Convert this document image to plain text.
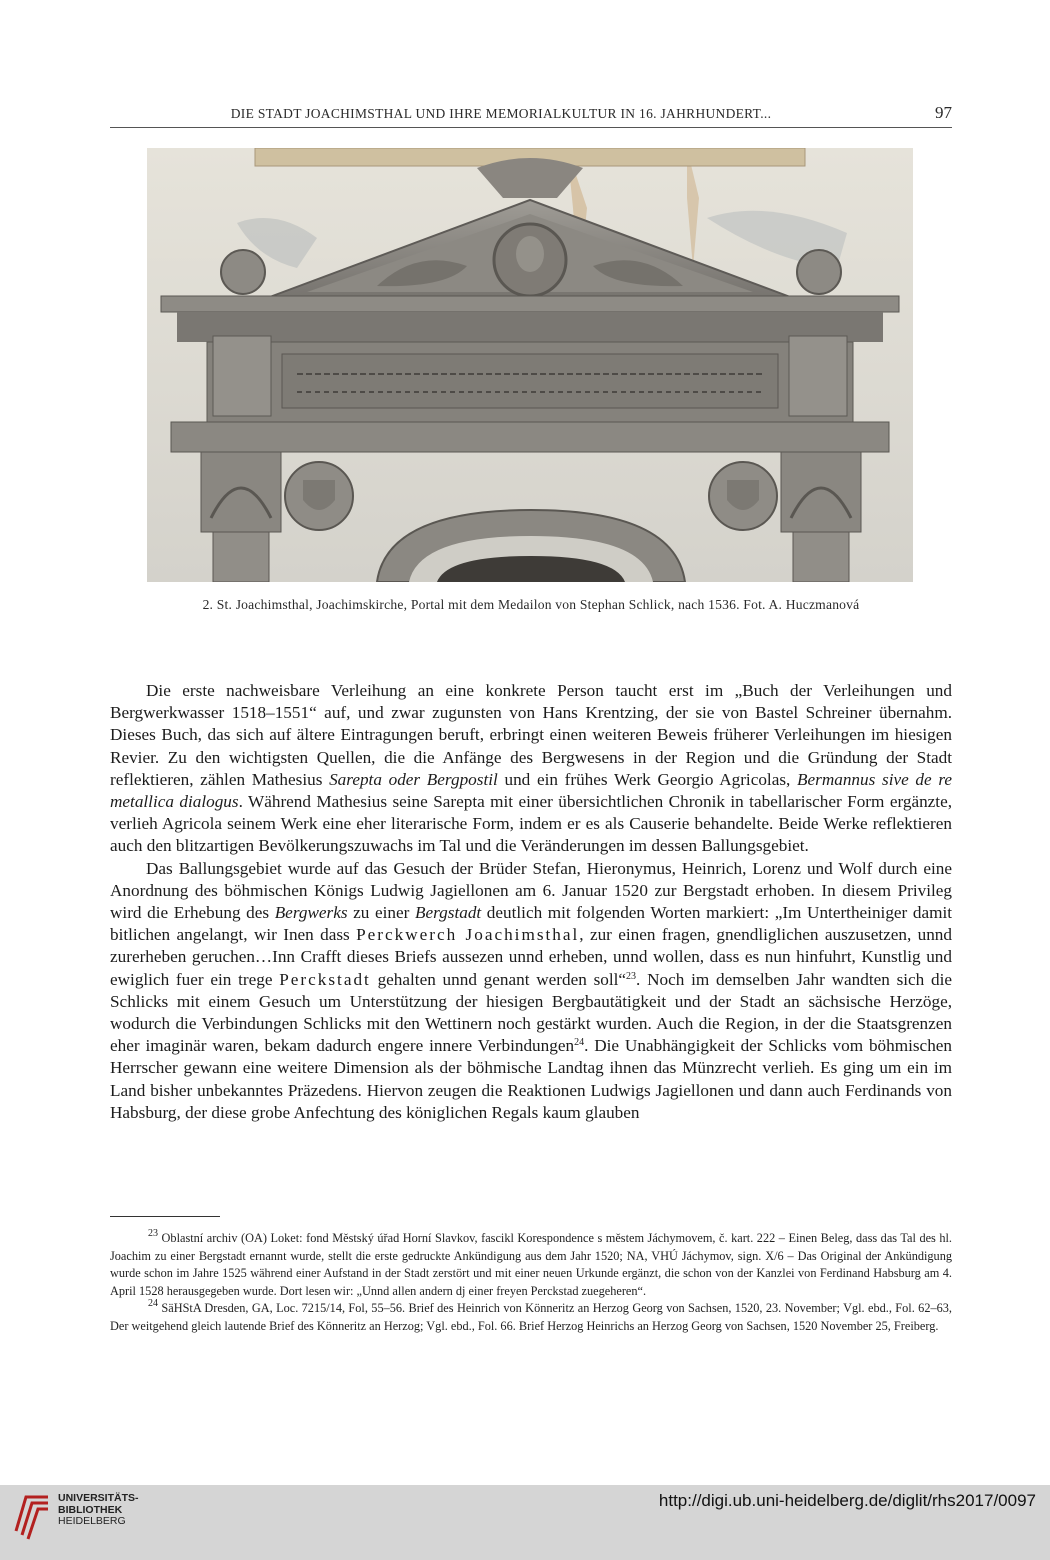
DIE STADT JOACHIMSTHAL UND IHRE MEMORIALKULTUR IN 16. JAHRHUNDERT...	97
2. St. Joachimsthal, Joachimskirche, Portal mit dem Medailon von Stephan Schlick, nach 1536. Fot. A. Huczmanová

Die erste nachweisbare Verleihung an eine konkrete Person taucht erst im „Buch der Verleihungen und Bergwerkwasser 1518–1551“ auf, und zwar zugunsten von Hans Krentzing, der sie von Bastel Schreiner übernahm. Dieses Buch, das sich auf ältere Eintragungen beruft, erbringt einen weiteren Beweis früherer Verleihungen im hiesigen Revier. Zu den wichtigsten Quellen, die die Anfänge des Bergwesens in der Region und die Gründung der Stadt reflektieren, zählen Mathesius Sarepta oder Bergpostil und ein frühes Werk Georgio Agricolas, Bermannus sive de re metallica dialogus. Während Mathesius seine Sarepta mit einer übersichtlichen Chronik in tabellarischer Form ergänzte, verlieh Agricola seinem Werk eine eher literarische Form, indem er es als Causerie behandelte. Beide Werke reflektieren auch den blitzartigen Bevölkerungszuwachs im Tal und die Veränderungen im dessen Ballungsgebiet.

Das Ballungsgebiet wurde auf das Gesuch der Brüder Stefan, Hieronymus, Heinrich, Lorenz und Wolf durch eine Anordnung des böhmischen Königs Ludwig Jagiellonen am 6. Januar 1520 zur Bergstadt erhoben. In diesem Privileg wird die Erhebung des Bergwerks zu einer Bergstadt deutlich mit folgenden Worten markiert: „Im Untertheiniger damit bitlichen angelangt, wir Inen dass Perckwerch Joachimsthal, zur einen fragen, gnendliglichen auszusetzen, unnd zurerheben geruchen…Inn Crafft dieses Briefs aussezen unnd erheben, unnd wollen, dass es nun hinfuhrt, Kunstlig und ewiglich fuer ein trege Perckstadt gehalten unnd genant werden soll“$^{23}$. Noch im demselben Jahr wandten sich die Schlicks mit einem Gesuch um Unterstützung der hiesigen Bergbautätigkeit und der Stadt an sächsische Herzöge, wodurch die Verbindungen Schlicks mit den Wettinern noch gestärkt wurden. Auch die Region, in der die Staatsgrenzen eher imaginär waren, bekam dadurch engere innere Verbindungen$^{24}$. Die Unabhängigkeit der Schlicks vom böhmischen Herrscher gewann eine weitere Dimension als der böhmische Landtag ihnen das Münzrecht verlieh. Es ging um ein im Land bisher unbekanntes Präzedens. Hiervon zeugen die Reaktionen Ludwigs Jagiellonen und dann auch Ferdinands von Habsburg, der diese grobe Anfechtung des königlichen Regals kaum glauben

$^{23}$ Oblastní archiv (OA) Loket: fond Městský úřad Horní Slavkov, fascikl Korespondence s městem Jáchymovem, č. kart. 222 – Einen Beleg, dass das Tal des hl. Joachim zu einer Bergstadt ernannt wurde, stellt die erste gedruckte Ankündigung aus dem Jahr 1520; NA, VHÚ Jáchymov, sign. X/6 – Das Original der Ankündigung wurde schon im Jahre 1525 während einer Aufstand in der Stadt zerstört und mit einer neuen Urkunde ergänzt, die schon von der Kanzlei von Ferdinand Habsburg am 4. April 1528 herausgegeben wurde. Dort lesen wir: „Unnd allen andern dj einer freyen Perckstad zuegeheren“.

$^{24}$ SäHStA Dresden, GA, Loc. 7215/14, Fol, 55–56. Brief des Heinrich von Könneritz an Herzog Georg von Sachsen, 1520, 23. November; Vgl. ebd., Fol. 62–63, Der weitgehend gleich lautende Brief des Könneritz an Herzog; Vgl. ebd., Fol. 66. Brief Herzog Heinrichs an Herzog Georg von Sachsen, 1520 November 25, Freiberg.

UNIVERSITÄTS-
BIBLIOTHEK
HEIDELBERG
http://digi.ub.uni-heidelberg.de/diglit/rhs2017/0097
